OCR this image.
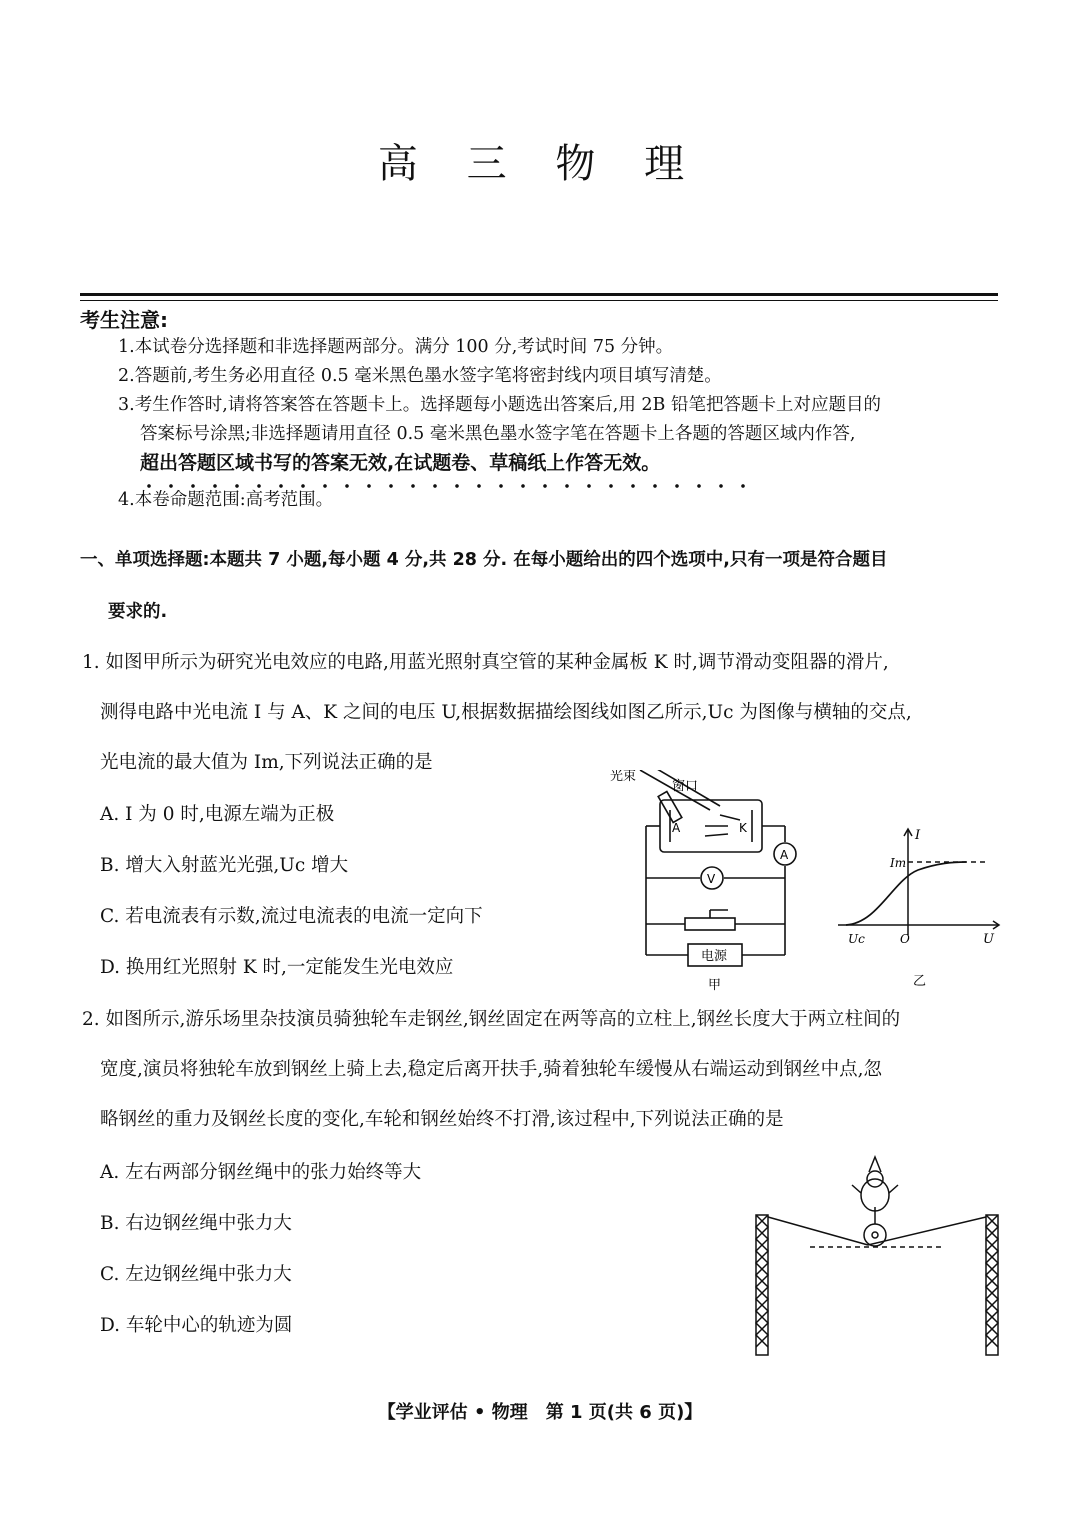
高 三 物 理
考生注意:
1.本试卷分选择题和非选择题两部分。满分 100 分,考试时间 75 分钟。
2.答题前,考生务必用直径 0.5 毫米黑色墨水签字笔将密封线内项目填写清楚。
3.考生作答时,请将答案答在答题卡上。选择题每小题选出答案后,用 2B 铅笔把答题卡上对应题目的
答案标号涂黑;非选择题请用直径 0.5 毫米黑色墨水签字笔在答题卡上各题的答题区域内作答,
超出答题区域书写的答案无效,在试题卷、草稿纸上作答无效。
4.本卷命题范围:高考范围。
一、单项选择题:本题共 7 小题,每小题 4 分,共 28 分. 在每小题给出的四个选项中,只有一项是符合题目
要求的.
1. 如图甲所示为研究光电效应的电路,用蓝光照射真空管的某种金属板 K 时,调节滑动变阻器的滑片,
测得电路中光电流 I 与 A、K 之间的电压 U,根据数据描绘图线如图乙所示,Uc 为图像与横轴的交点,
光电流的最大值为 Im,下列说法正确的是
A. I 为 0 时,电源左端为正极
B. 增大入射蓝光光强,Uc 增大
C. 若电流表有示数,流过电流表的电流一定向下
D. 换用红光照射 K 时,一定能发生光电效应
A	K
A
V
电源
甲
窗口
光束
I
Im
Uc	O	U
乙
2. 如图所示,游乐场里杂技演员骑独轮车走钢丝,钢丝固定在两等高的立柱上,钢丝长度大于两立柱间的
宽度,演员将独轮车放到钢丝上骑上去,稳定后离开扶手,骑着独轮车缓慢从右端运动到钢丝中点,忽
略钢丝的重力及钢丝长度的变化,车轮和钢丝始终不打滑,该过程中,下列说法正确的是
A. 左右两部分钢丝绳中的张力始终等大
B. 右边钢丝绳中张力大
C. 左边钢丝绳中张力大
D. 车轮中心的轨迹为圆
【学业评估 • 物理　第 1 页(共 6 页)】
